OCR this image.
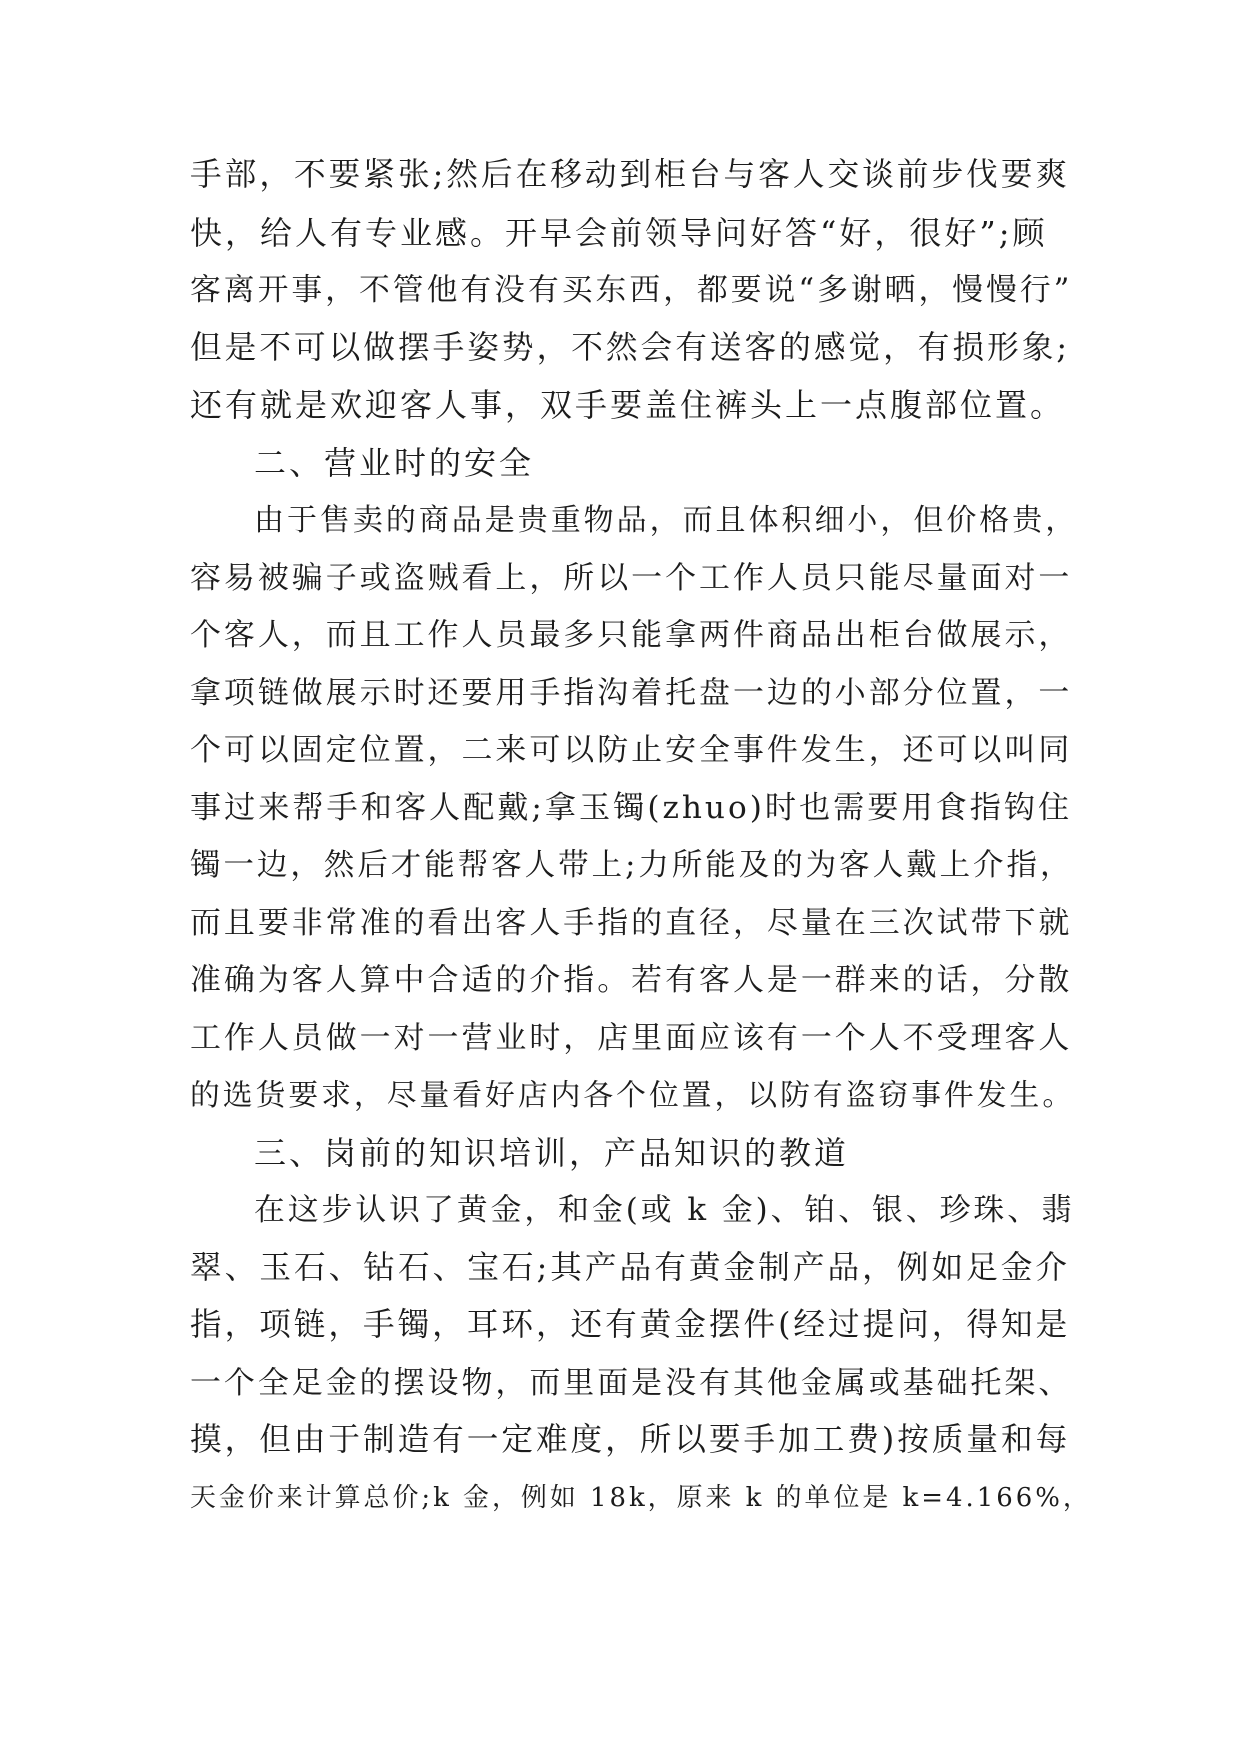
手部，不要紧张;然后在移动到柜台与客人交谈前步伐要爽
快，给人有专业感。开早会前领导问好答“好，很好”;顾
客离开事，不管他有没有买东西，都要说“多谢晒，慢慢行”
但是不可以做摆手姿势，不然会有送客的感觉，有损形象;
还有就是欢迎客人事，双手要盖住裤头上一点腹部位置。
二、营业时的安全
由于售卖的商品是贵重物品，而且体积细小，但价格贵，
容易被骗子或盗贼看上，所以一个工作人员只能尽量面对一
个客人，而且工作人员最多只能拿两件商品出柜台做展示，
拿项链做展示时还要用手指沟着托盘一边的小部分位置，一
个可以固定位置，二来可以防止安全事件发生，还可以叫同
事过来帮手和客人配戴;拿玉镯(zhuo)时也需要用食指钩住
镯一边，然后才能帮客人带上;力所能及的为客人戴上介指，
而且要非常准的看出客人手指的直径，尽量在三次试带下就
准确为客人算中合适的介指。若有客人是一群来的话，分散
工作人员做一对一营业时，店里面应该有一个人不受理客人
的选货要求，尽量看好店内各个位置，以防有盗窃事件发生。
三、岗前的知识培训，产品知识的教道
在这步认识了黄金，和金(或 k 金)、铂、银、珍珠、翡
翠、玉石、钻石、宝石;其产品有黄金制产品，例如足金介
指，项链，手镯，耳环，还有黄金摆件(经过提问，得知是
一个全足金的摆设物，而里面是没有其他金属或基础托架、
摸，但由于制造有一定难度，所以要手加工费)按质量和每
天金价来计算总价;k 金，例如 18k，原来 k 的单位是 k=4.166%，
